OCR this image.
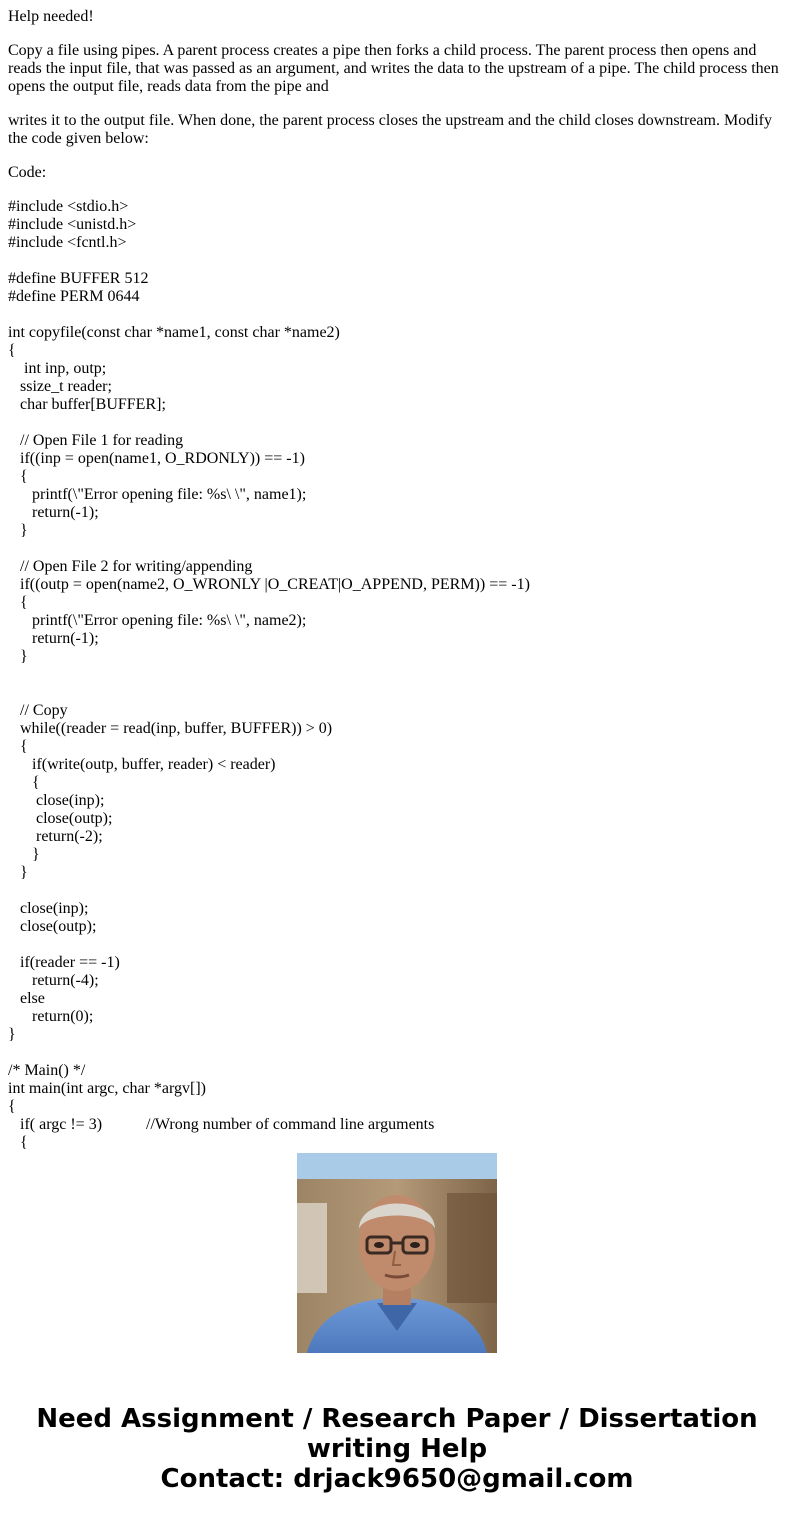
Help needed!

Copy a file using pipes. A parent process creates a pipe then forks a child process. The parent process then opens and reads the input file, that was passed as an argument, and writes the data to the upstream of a pipe. The child process then opens the output file, reads data from the pipe and

writes it to the output file. When done, the parent process closes the upstream and the child closes downstream. Modify the code given below:

Code:

#include <stdio.h>
#include <unistd.h>
#include <fcntl.h>

#define BUFFER 512
#define PERM 0644

int copyfile(const char *name1, const char *name2)
{
int inp, outp;
ssize_t reader;
char buffer[BUFFER];

// Open File 1 for reading
if((inp = open(name1, O_RDONLY)) == -1)
{
printf(\"Error opening file: %s\ \", name1);
return(-1);
}

// Open File 2 for writing/appending
if((outp = open(name2, O_WRONLY |O_CREAT|O_APPEND, PERM)) == -1)
{
printf(\"Error opening file: %s\ \", name2);
return(-1);
}

// Copy
while((reader = read(inp, buffer, BUFFER)) > 0)
{
if(write(outp, buffer, reader) < reader)
{
close(inp);
close(outp);
return(-2);
}
}

close(inp);
close(outp);

if(reader == -1)
return(-4);
else
return(0);
}

/* Main() */
int main(int argc, char *argv[])
{
if( argc != 3)           //Wrong number of command line arguments
{
Need Assignment / Research Paper / Dissertation
writing Help
Contact: drjack9650@gmail.com
